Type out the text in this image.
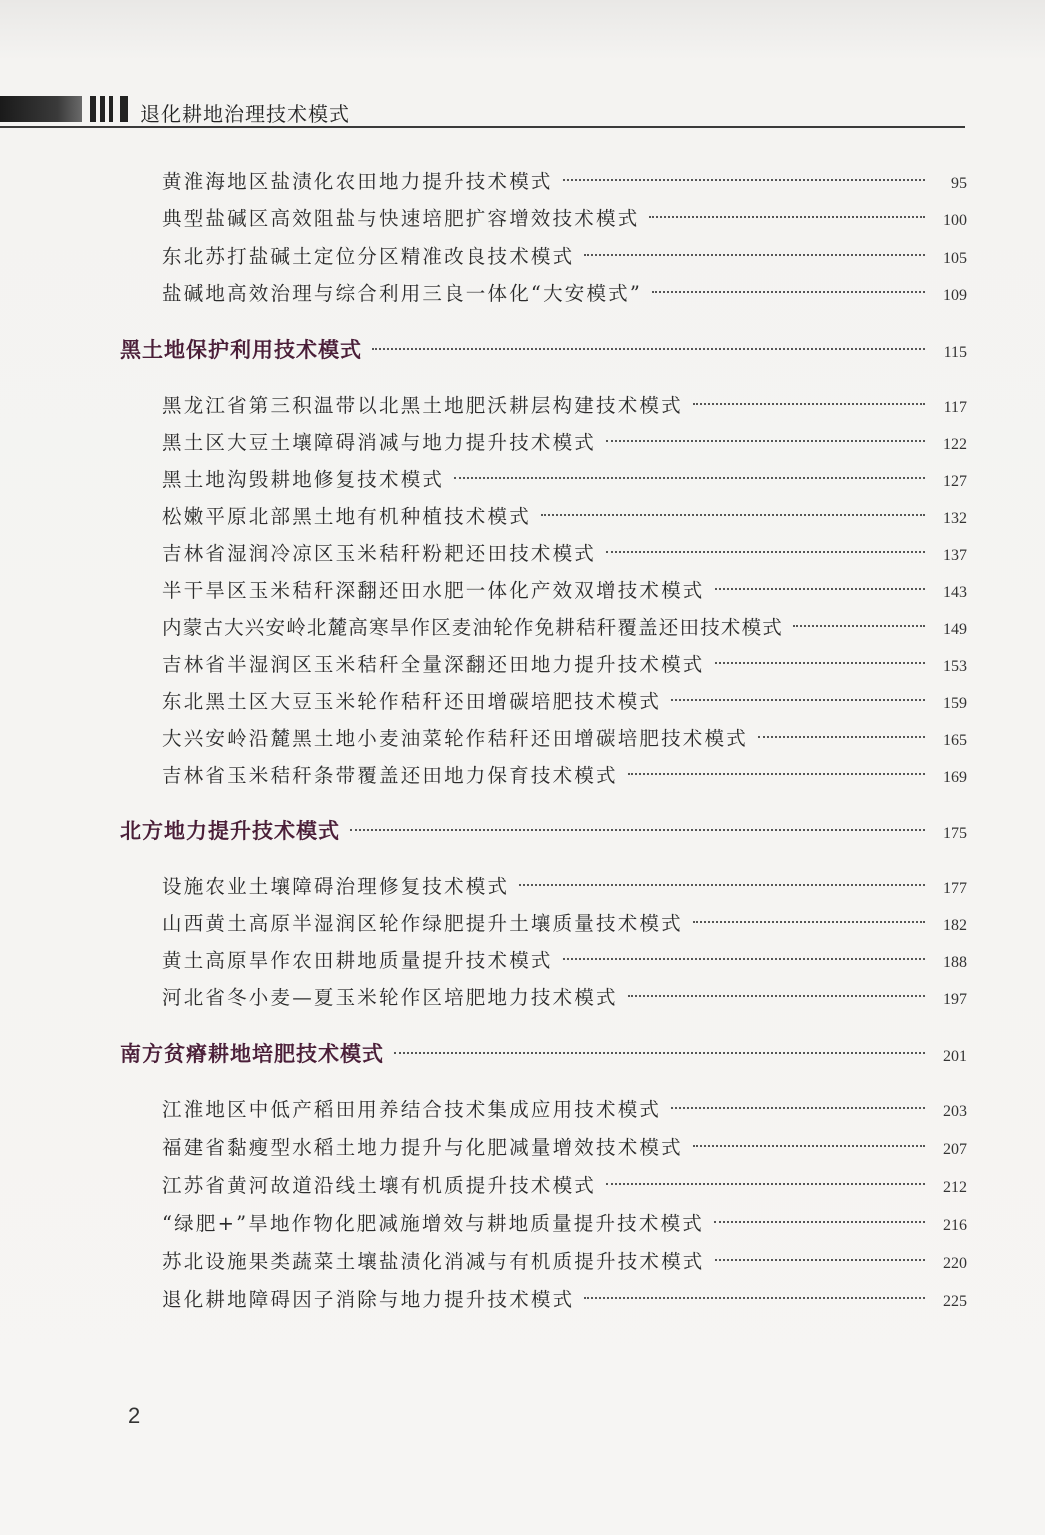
退化耕地治理技术模式
黄淮海地区盐渍化农田地力提升技术模式	95
典型盐碱区高效阻盐与快速培肥扩容增效技术模式	100
东北苏打盐碱土定位分区精准改良技术模式	105
盐碱地高效治理与综合利用三良一体化“大安模式”	109
黑土地保护利用技术模式	115
黑龙江省第三积温带以北黑土地肥沃耕层构建技术模式	117
黑土区大豆土壤障碍消减与地力提升技术模式	122
黑土地沟毁耕地修复技术模式	127
松嫩平原北部黑土地有机种植技术模式	132
吉林省湿润冷凉区玉米秸秆粉耙还田技术模式	137
半干旱区玉米秸秆深翻还田水肥一体化产效双增技术模式	143
内蒙古大兴安岭北麓高寒旱作区麦油轮作免耕秸秆覆盖还田技术模式	149
吉林省半湿润区玉米秸秆全量深翻还田地力提升技术模式	153
东北黑土区大豆玉米轮作秸秆还田增碳培肥技术模式	159
大兴安岭沿麓黑土地小麦油菜轮作秸秆还田增碳培肥技术模式	165
吉林省玉米秸秆条带覆盖还田地力保育技术模式	169
北方地力提升技术模式	175
设施农业土壤障碍治理修复技术模式	177
山西黄土高原半湿润区轮作绿肥提升土壤质量技术模式	182
黄土高原旱作农田耕地质量提升技术模式	188
河北省冬小麦—夏玉米轮作区培肥地力技术模式	197
南方贫瘠耕地培肥技术模式	201
江淮地区中低产稻田用养结合技术集成应用技术模式	203
福建省黏瘦型水稻土地力提升与化肥减量增效技术模式	207
江苏省黄河故道沿线土壤有机质提升技术模式	212
“绿肥+”旱地作物化肥减施增效与耕地质量提升技术模式	216
苏北设施果类蔬菜土壤盐渍化消减与有机质提升技术模式	220
退化耕地障碍因子消除与地力提升技术模式	225
2
